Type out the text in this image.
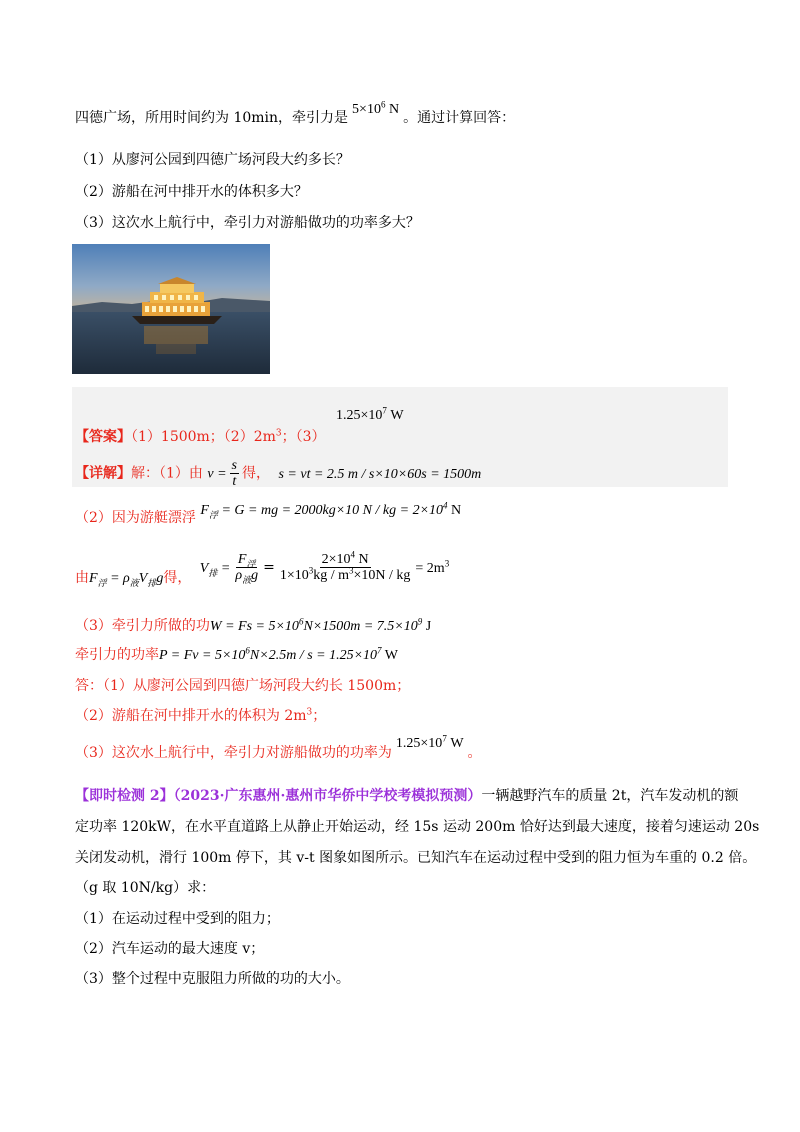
四德广场，所用时间约为 10min，牵引力是$5\times 10^6$ N。通过计算回答：
（1）从廖河公园到四德广场河段大约多长？
（2）游船在河中排开水的体积多大？
（3）这次水上航行中，牵引力对游船做功的功率多大？
【答案】（1）1500m；$(2)2m^3$；（3） $1.25\times 10^7$ W
【详解】解：（1）由 $v = \frac{s}{t}$ 得， s = vt = 2.5 m / s×10×60s = 1500m
（2）因为游艇漂浮 $F_浮 = G$ = mg = 2000kg×10 N / kg = $2\times 10^4$ N
由$F_浮 = \rho_液V_排g$得， $V_排 = \frac{F_浮}{\rho_液g} = \frac{2\times 10^4 N}{1\times 10^3kg / m^3\times 10N / kg} = 2m^3$
（3）牵引力所做的功$W = Fs = 5\times 10^6N\times 1500m = 7.5\times 10^9$ J
牵引力的功率$P = Fv = 5\times 10^6N\times 2.5m / s = 1.25\times 10^7$ W
答：（1）从廖河公园到四德广场河段大约长 1500m；
（2）游船在河中排开水的体积为 $2m^3$；
（3）这次水上航行中，牵引力对游船做功的功率为$1.25\times 10^7$ W。
【即时检测 2】（2023·广东惠州·惠州市华侨中学校考模拟预测）一辆越野汽车的质量 2t，汽车发动机的额
定功率 120kW，在水平直道路上从静止开始运动，经 15s 运动 200m 恰好达到最大速度，接着匀速运动 20s
关闭发动机，滑行 100m 停下，其 v-t 图象如图所示。已知汽车在运动过程中受到的阻力恒为车重的 0.2 倍。
（g 取 10N/kg）求：
（1）在运动过程中受到的阻力；
（2）汽车运动的最大速度 v；
（3）整个过程中克服阻力所做的功的大小。
